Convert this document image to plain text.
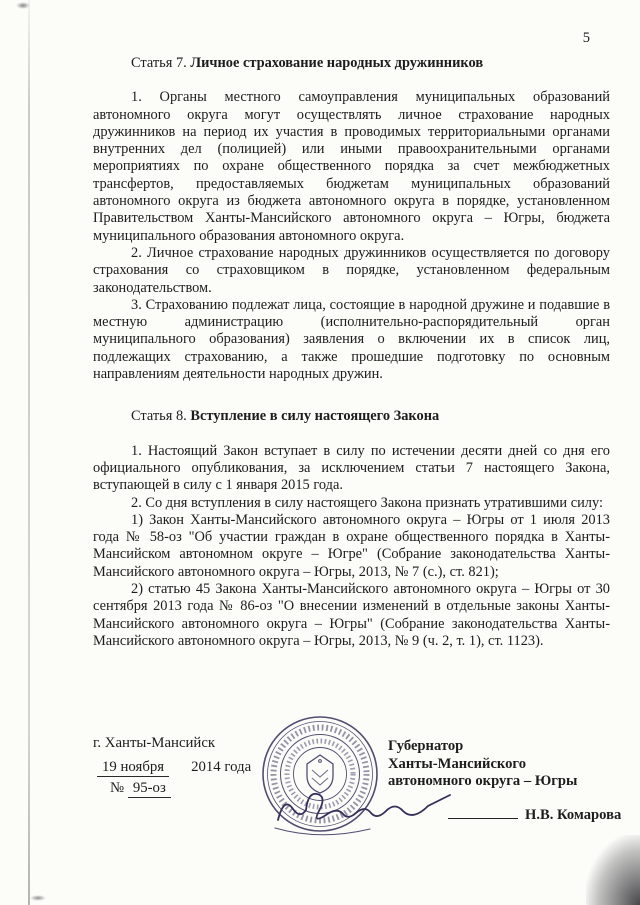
5

Статья 7. Личное страхование народных дружинников

1. Органы местного самоуправления муниципальных образований автономного округа могут осуществлять личное страхование народных дружинников на период их участия в проводимых территориальными органами внутренних дел (полицией) или иными правоохранительными органами мероприятиях по охране общественного порядка за счет межбюджетных трансфертов, предоставляемых бюджетам муниципальных образований автономного округа из бюджета автономного округа в порядке, установленном Правительством Ханты-Мансийского автономного округа – Югры, бюджета муниципального образования автономного округа.

2. Личное страхование народных дружинников осуществляется по договору страхования со страховщиком в порядке, установленном федеральным законодательством.

3. Страхованию подлежат лица, состоящие в народной дружине и подавшие в местную администрацию (исполнительно-распорядительный орган муниципального образования) заявления о включении их в список лиц, подлежащих страхованию, а также прошедшие подготовку по основным направлениям деятельности народных дружин.

Статья 8. Вступление в силу настоящего Закона

1. Настоящий Закон вступает в силу по истечении десяти дней со дня его официального опубликования, за исключением статьи 7 настоящего Закона, вступающей в силу с 1 января 2015 года.

2. Со дня вступления в силу настоящего Закона признать утратившими силу:

1) Закон Ханты-Мансийского автономного округа – Югры от 1 июля 2013 года № 58-оз "Об участии граждан в охране общественного порядка в Ханты-Мансийском автономном округе – Югре" (Собрание законодательства Ханты-Мансийского автономного округа – Югры, 2013, № 7 (с.), ст. 821);

2) статью 45 Закона Ханты-Мансийского автономного округа – Югры от 30 сентября 2013 года № 86-оз "О внесении изменений в отдельные законы Ханты-Мансийского автономного округа – Югры" (Собрание законодательства Ханты-Мансийского автономного округа – Югры, 2013, № 9 (ч. 2, т. 1), ст. 1123).

г. Ханты-Мансийск
19 ноября 2014 года
№ 95-оз
Губернатор
Ханты-Мансийского
автономного округа – Югры
Н.В. Комарова
